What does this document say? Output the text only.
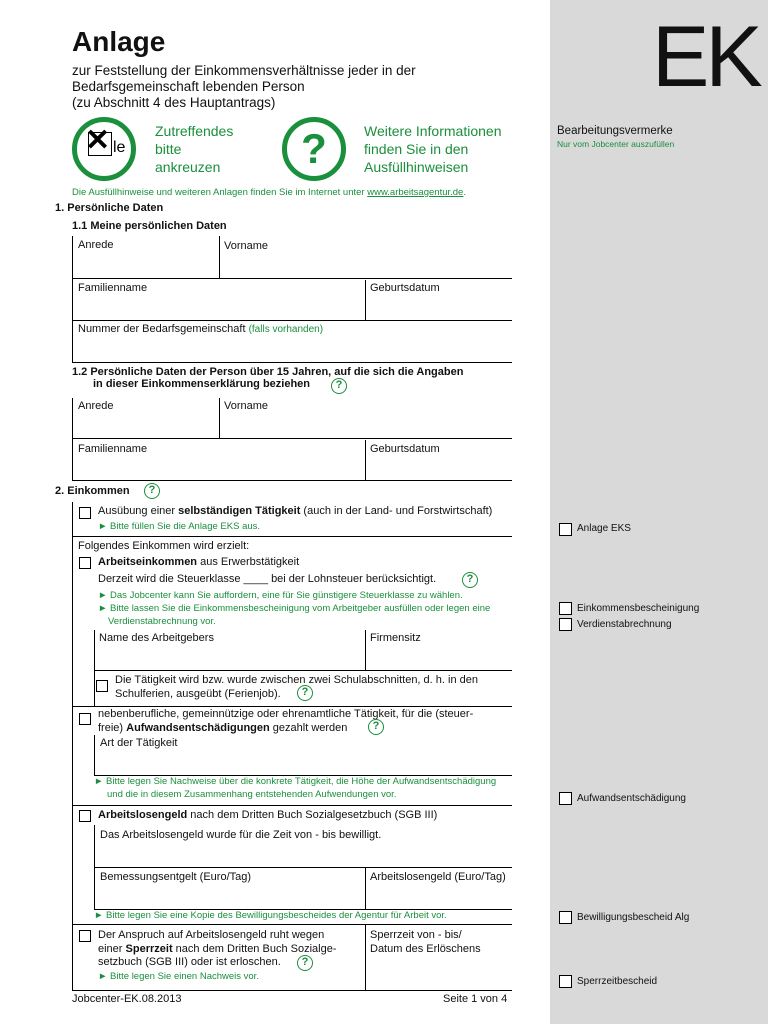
EK
Bearbeitungsvermerke
Nur vom Jobcenter auszufüllen
Anlage EKS
Einkommensbescheinigung
Verdienstabrechnung
Aufwandsentschädigung
Bewilligungsbescheid Alg
Sperrzeitbescheid
Anlage
zur Feststellung der Einkommensverhältnisse jeder in der
Bedarfsgemeinschaft lebenden Person
(zu Abschnitt 4 des Hauptantrags)
✕ le
Zutreffendes
bitte
ankreuzen	?	Weitere Informationen
finden Sie in den
Ausfüllhinweisen
Die Ausfüllhinweise und weiteren Anlagen finden Sie im Internet unter www.arbeitsagentur.de.
1. Persönliche Daten
1.1 Meine persönlichen Daten
Anrede	Vorname
Familienname	Geburtsdatum
Nummer der Bedarfsgemeinschaft (falls vorhanden)
1.2 Persönliche Daten der Person über 15 Jahren, auf die sich die Angaben
in dieser Einkommenserklärung beziehen	?
Anrede	Vorname
Familienname	Geburtsdatum
2. Einkommen	?
Ausübung einer selbständigen Tätigkeit (auch in der Land- und Forstwirtschaft)
► Bitte füllen Sie die Anlage EKS aus.
Folgendes Einkommen wird erzielt:
Arbeitseinkommen aus Erwerbstätigkeit
Derzeit wird die Steuerklasse ____ bei der Lohnsteuer berücksichtigt.	?
► Das Jobcenter kann Sie auffordern, eine für Sie günstigere Steuerklasse zu wählen.
► Bitte lassen Sie die Einkommensbescheinigung vom Arbeitgeber ausfüllen oder legen eine
Verdienstabrechnung vor.
Name des Arbeitgebers	Firmensitz
Die Tätigkeit wird bzw. wurde zwischen zwei Schulabschnitten, d. h. in den
Schulferien, ausgeübt (Ferienjob).	?
nebenberufliche, gemeinnützige oder ehrenamtliche Tätigkeit, für die (steuer-
freie) Aufwandsentschädigungen gezahlt werden	?
Art der Tätigkeit
► Bitte legen Sie Nachweise über die konkrete Tätigkeit, die Höhe der Aufwandsentschädigung
und die in diesem Zusammenhang entstehenden Aufwendungen vor.
Arbeitslosengeld nach dem Dritten Buch Sozialgesetzbuch (SGB III)
Das Arbeitslosengeld wurde für die Zeit von - bis bewilligt.
Bemessungsentgelt (Euro/Tag)	Arbeitslosengeld (Euro/Tag)
► Bitte legen Sie eine Kopie des Bewilligungsbescheides der Agentur für Arbeit vor.
Der Anspruch auf Arbeitslosengeld ruht wegen
einer Sperrzeit nach dem Dritten Buch Sozialge-
setzbuch (SGB III) oder ist erloschen.	?
► Bitte legen Sie einen Nachweis vor.
Sperrzeit von - bis/
Datum des Erlöschens
Jobcenter-EK.08.2013	Seite 1 von 4
